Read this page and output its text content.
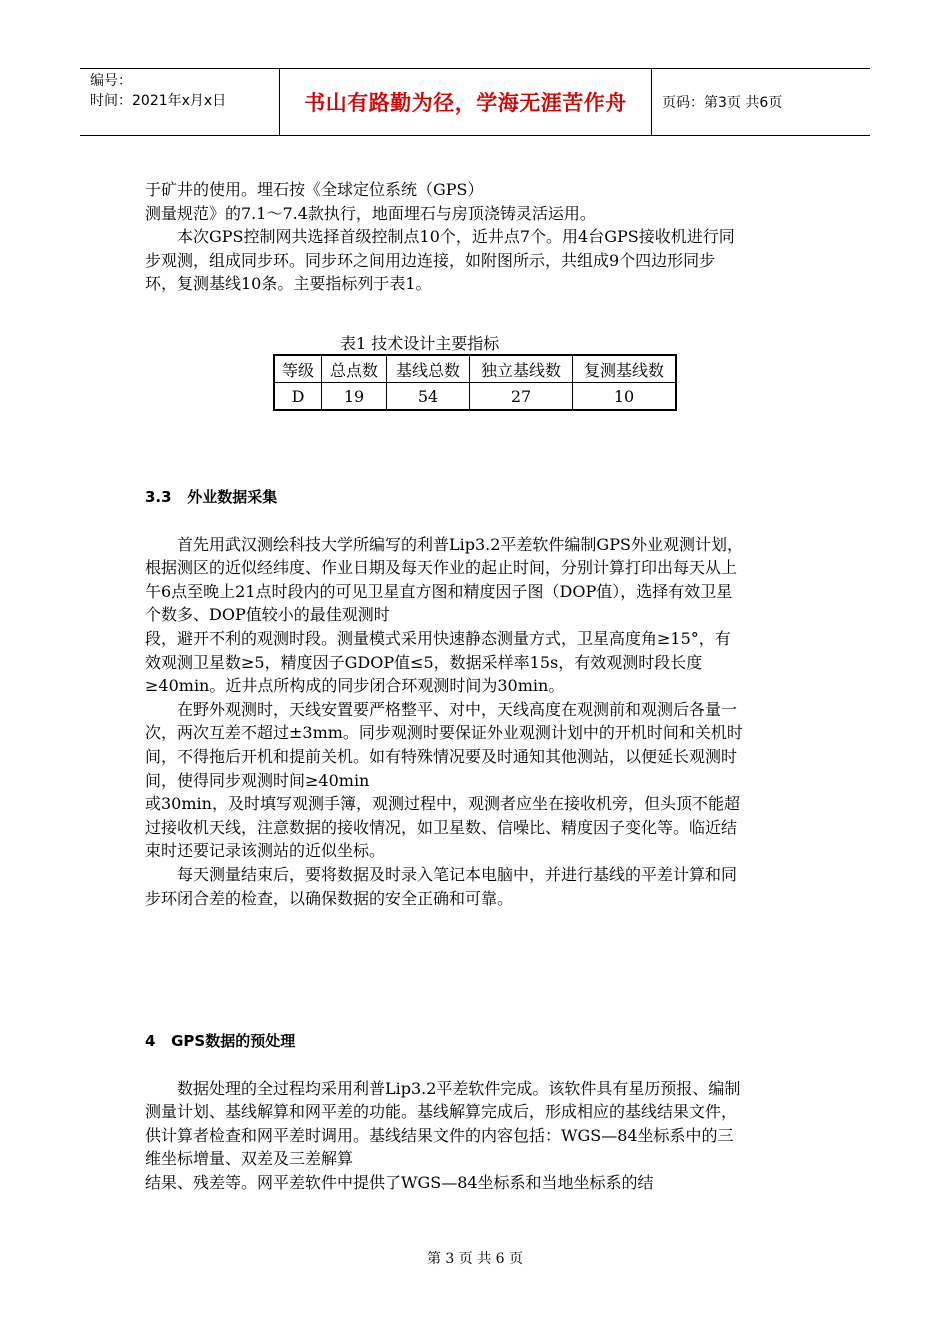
编号：
时间：2021年x月x日	书山有路勤为径，学海无涯苦作舟	页码：第3页 共6页

于矿井的使用。埋石按《全球定位系统（GPS）

测量规范》的7.1～7.4款执行，地面埋石与房顶浇铸灵活运用。

本次GPS控制网共选择首级控制点10个，近井点7个。用4台GPS接收机进行同步观测，组成同步环。同步环之间用边连接，如附图所示，共组成9个四边形同步环，复测基线10条。主要指标列于表1。

表1 技术设计主要指标
等级	总点数	基线总数	独立基线数	复测基线数
D	19	54	27	10

3.3   外业数据采集

首先用武汉测绘科技大学所编写的利普Lip3.2平差软件编制GPS外业观测计划，根据测区的近似经纬度、作业日期及每天作业的起止时间，分别计算打印出每天从上午6点至晚上21点时段内的可见卫星直方图和精度因子图（DOP值），选择有效卫星个数多、DOP值较小的最佳观测时

段，避开不利的观测时段。测量模式采用快速静态测量方式，卫星高度角≥15°，有效观测卫星数≥5，精度因子GDOP值≤5，数据采样率15s，有效观测时段长度≥40min。近井点所构成的同步闭合环观测时间为30min。

在野外观测时，天线安置要严格整平、对中，天线高度在观测前和观测后各量一次，两次互差不超过±3mm。同步观测时要保证外业观测计划中的开机时间和关机时间，不得拖后开机和提前关机。如有特殊情况要及时通知其他测站，以便延长观测时间，使得同步观测时间≥40min

或30min，及时填写观测手簿，观测过程中，观测者应坐在接收机旁，但头顶不能超过接收机天线，注意数据的接收情况，如卫星数、信噪比、精度因子变化等。临近结束时还要记录该测站的近似坐标。

每天测量结束后，要将数据及时录入笔记本电脑中，并进行基线的平差计算和同步环闭合差的检查，以确保数据的安全正确和可靠。

4   GPS数据的预处理

数据处理的全过程均采用利普Lip3.2平差软件完成。该软件具有星历预报、编制测量计划、基线解算和网平差的功能。基线解算完成后，形成相应的基线结果文件，供计算者检查和网平差时调用。基线结果文件的内容包括：WGS—84坐标系中的三维坐标增量、双差及三差解算

结果、残差等。网平差软件中提供了WGS—84坐标系和当地坐标系的结

第 3 页 共 6 页
